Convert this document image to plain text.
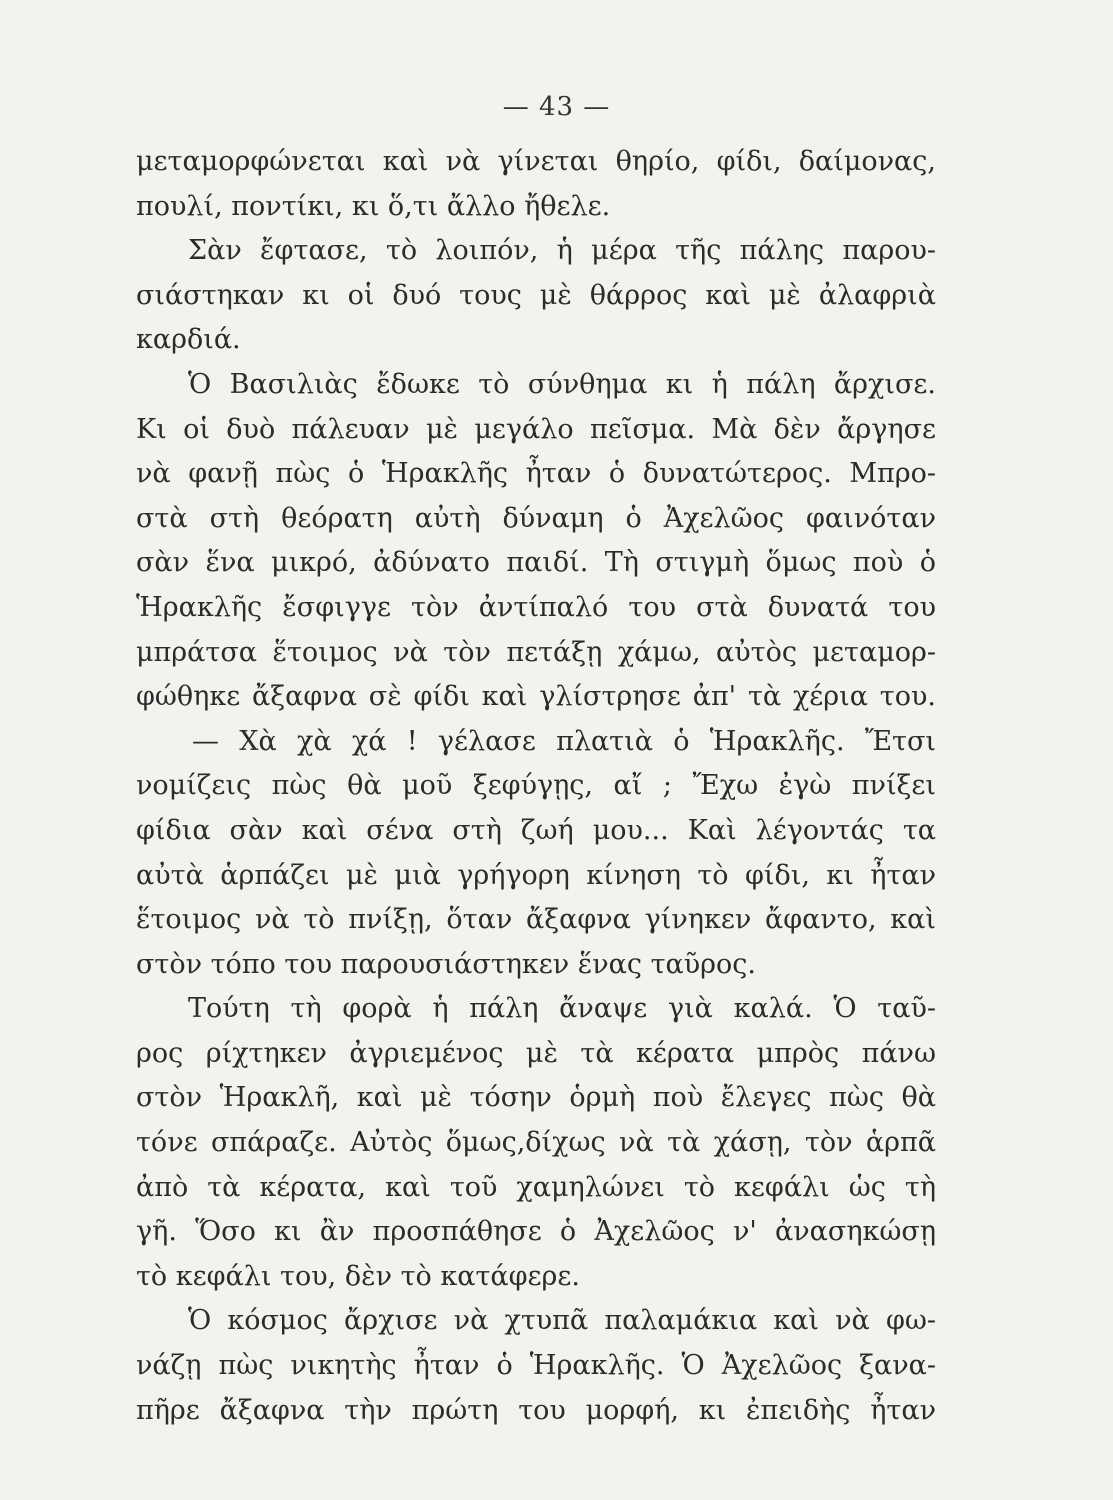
— 43 —
μεταμορφώνεται καὶ νὰ γίνεται θηρίο, φίδι, δαίμονας,
πουλί, ποντίκι, κι ὅ,τι ἄλλο ἤθελε.
Σὰν ἔφτασε, τὸ λοιπόν, ἡ μέρα τῆς πάλης παρου-
σιάστηκαν κι οἱ δυό τους μὲ θάρρος καὶ μὲ ἀλαφριὰ
καρδιά.
Ὁ Βασιλιὰς ἔδωκε τὸ σύνθημα κι ἡ πάλη ἄρχισε.
Κι οἱ δυὸ πάλευαν μὲ μεγάλο πεῖσμα. Μὰ δὲν ἄργησε
νὰ φανῇ πὼς ὁ Ἡρακλῆς ἦταν ὁ δυνατώτερος. Μπρο-
στὰ στὴ θεόρατη αὐτὴ δύναμη ὁ Ἀχελῶος φαινόταν
σὰν ἕνα μικρό, ἀδύνατο παιδί. Τὴ στιγμὴ ὅμως ποὺ ὁ
Ἡρακλῆς ἔσφιγγε τὸν ἀντίπαλό του στὰ δυνατά του
μπράτσα ἕτοιμος νὰ τὸν πετάξῃ χάμω, αὐτὸς μεταμορ-
φώθηκε ἄξαφνα σὲ φίδι καὶ γλίστρησε ἀπ' τὰ χέρια του.
— Χὰ χὰ χά ! γέλασε πλατιὰ ὁ Ἡρακλῆς. Ἔτσι
νομίζεις πὼς θὰ μοῦ ξεφύγῃς, αἴ ; Ἔχω ἐγὼ πνίξει
φίδια σὰν καὶ σένα στὴ ζωή μου... Καὶ λέγοντάς τα
αὐτὰ ἁρπάζει μὲ μιὰ γρήγορη κίνηση τὸ φίδι, κι ἦταν
ἕτοιμος νὰ τὸ πνίξῃ, ὅταν ἄξαφνα γίνηκεν ἄφαντο, καὶ
στὸν τόπο του παρουσιάστηκεν ἕνας ταῦρος.
Τούτη τὴ φορὰ ἡ πάλη ἄναψε γιὰ καλά. Ὁ ταῦ-
ρος ρίχτηκεν ἀγριεμένος μὲ τὰ κέρατα μπρὸς πάνω
στὸν Ἡρακλῆ, καὶ μὲ τόσην ὁρμὴ ποὺ ἔλεγες πὼς θὰ
τόνε σπάραζε. Αὐτὸς ὅμως,δίχως νὰ τὰ χάσῃ, τὸν ἁρπᾶ
ἀπὸ τὰ κέρατα, καὶ τοῦ χαμηλώνει τὸ κεφάλι ὡς τὴ
γῆ. Ὅσο κι ἂν προσπάθησε ὁ Ἀχελῶος ν' ἀνασηκώσῃ
τὸ κεφάλι του, δὲν τὸ κατάφερε.
Ὁ κόσμος ἄρχισε νὰ χτυπᾶ παλαμάκια καὶ νὰ φω-
νάζῃ πὼς νικητὴς ἦταν ὁ Ἡρακλῆς. Ὁ Ἀχελῶος ξανα-
πῆρε ἄξαφνα τὴν πρώτη του μορφή, κι ἐπειδὴς ἦταν
